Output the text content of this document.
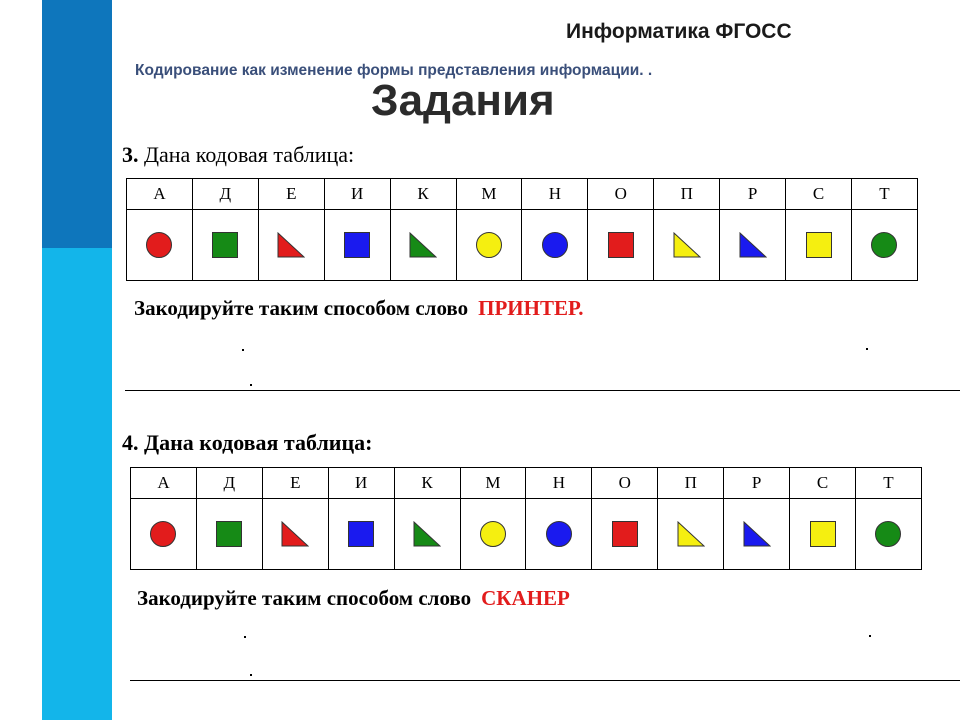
Информатика ФГОСС
Кодирование как изменение формы представления информации. .
Задания
3. Дана кодовая таблица:
А	Д	Е	И	К	М	Н	О	П	Р	С	Т

Закодируйте таким способом слово ПРИНТЕР.
4. Дана кодовая таблица:
А	Д	Е	И	К	М	Н	О	П	Р	С	Т

Закодируйте таким способом слово СКАНЕР
